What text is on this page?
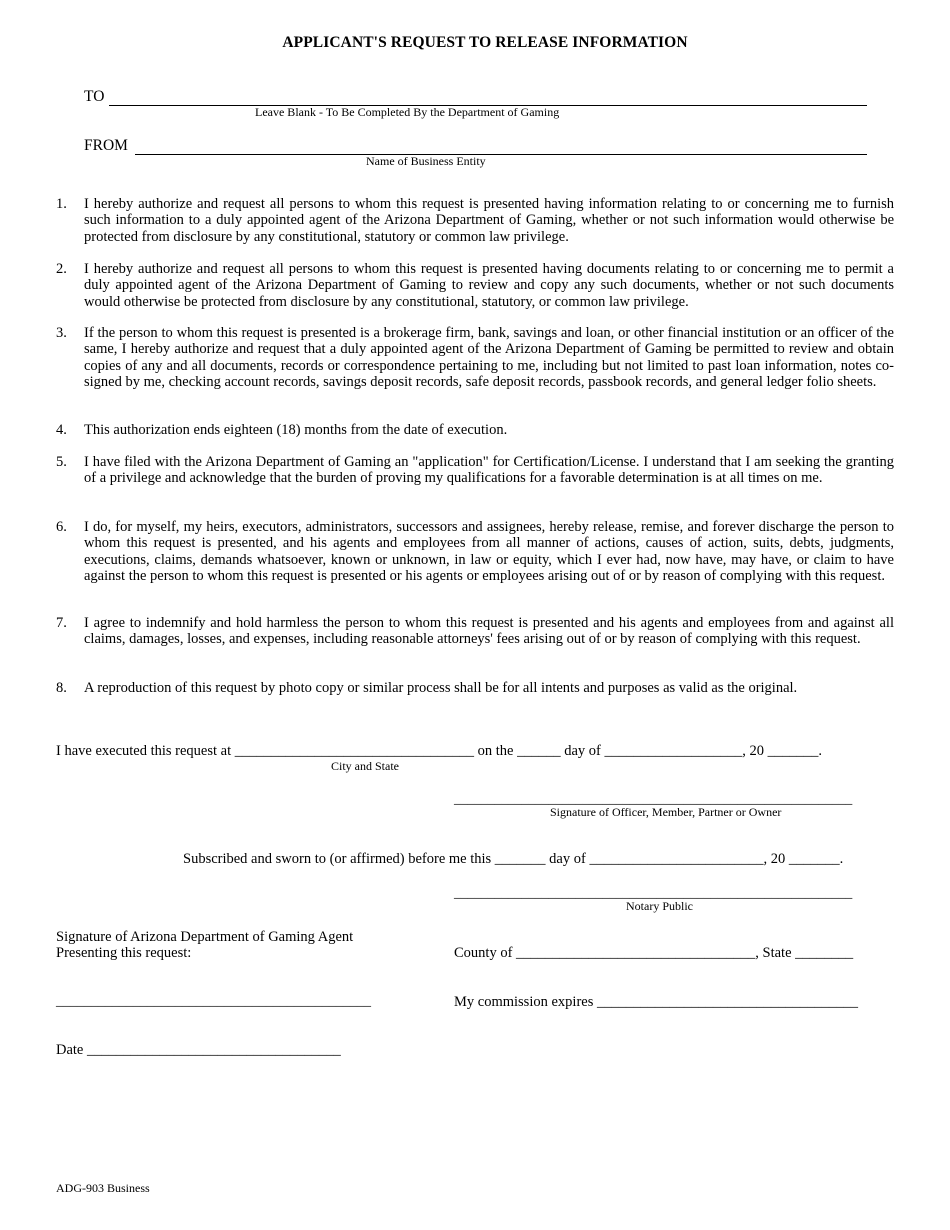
APPLICANT'S REQUEST TO RELEASE INFORMATION
TO
Leave Blank - To Be Completed By the Department of Gaming
FROM
Name of Business Entity
1. I hereby authorize and request all persons to whom this request is presented having information relating to or concerning me to furnish such information to a duly appointed agent of the Arizona Department of Gaming, whether or not such information would otherwise be protected from disclosure by any constitutional, statutory or common law privilege.
2. I hereby authorize and request all persons to whom this request is presented having documents relating to or concerning me to permit a duly appointed agent of the Arizona Department of Gaming to review and copy any such documents, whether or not such documents would otherwise be protected from disclosure by any constitutional, statutory, or common law privilege.
3. If the person to whom this request is presented is a brokerage firm, bank, savings and loan, or other financial institution or an officer of the same, I hereby authorize and request that a duly appointed agent of the Arizona Department of Gaming be permitted to review and obtain copies of any and all documents, records or correspondence pertaining to me, including but not limited to past loan information, notes co-signed by me, checking account records, savings deposit records, safe deposit records, passbook records, and general ledger folio sheets.
4. This authorization ends eighteen (18) months from the date of execution.
5. I have filed with the Arizona Department of Gaming an "application" for Certification/License. I understand that I am seeking the granting of a privilege and acknowledge that the burden of proving my qualifications for a favorable determination is at all times on me.
6. I do, for myself, my heirs, executors, administrators, successors and assignees, hereby release, remise, and forever discharge the person to whom this request is presented, and his agents and employees from all manner of actions, causes of action, suits, debts, judgments, executions, claims, demands whatsoever, known or unknown, in law or equity, which I ever had, now have, may have, or claim to have against the person to whom this request is presented or his agents or employees arising out of or by reason of complying with this request.
7. I agree to indemnify and hold harmless the person to whom this request is presented and his agents and employees from and against all claims, damages, losses, and expenses, including reasonable attorneys' fees arising out of or by reason of complying with this request.
8. A reproduction of this request by photo copy or similar process shall be for all intents and purposes as valid as the original.
I have executed this request at _________________________________ on the ______ day of ___________________, 20 _______.
City and State
___________________________________________________________
Signature of Officer, Member, Partner or Owner
Subscribed and sworn to (or affirmed) before me this _______ day of ________________________, 20 _______.
___________________________________________________________
Notary Public
Signature of Arizona Department of Gaming Agent
Presenting this request:
_____________________________________________
County of _________________________________, State ________
My commission expires ____________________________________
Date ___________________________________
ADG-903 Business
